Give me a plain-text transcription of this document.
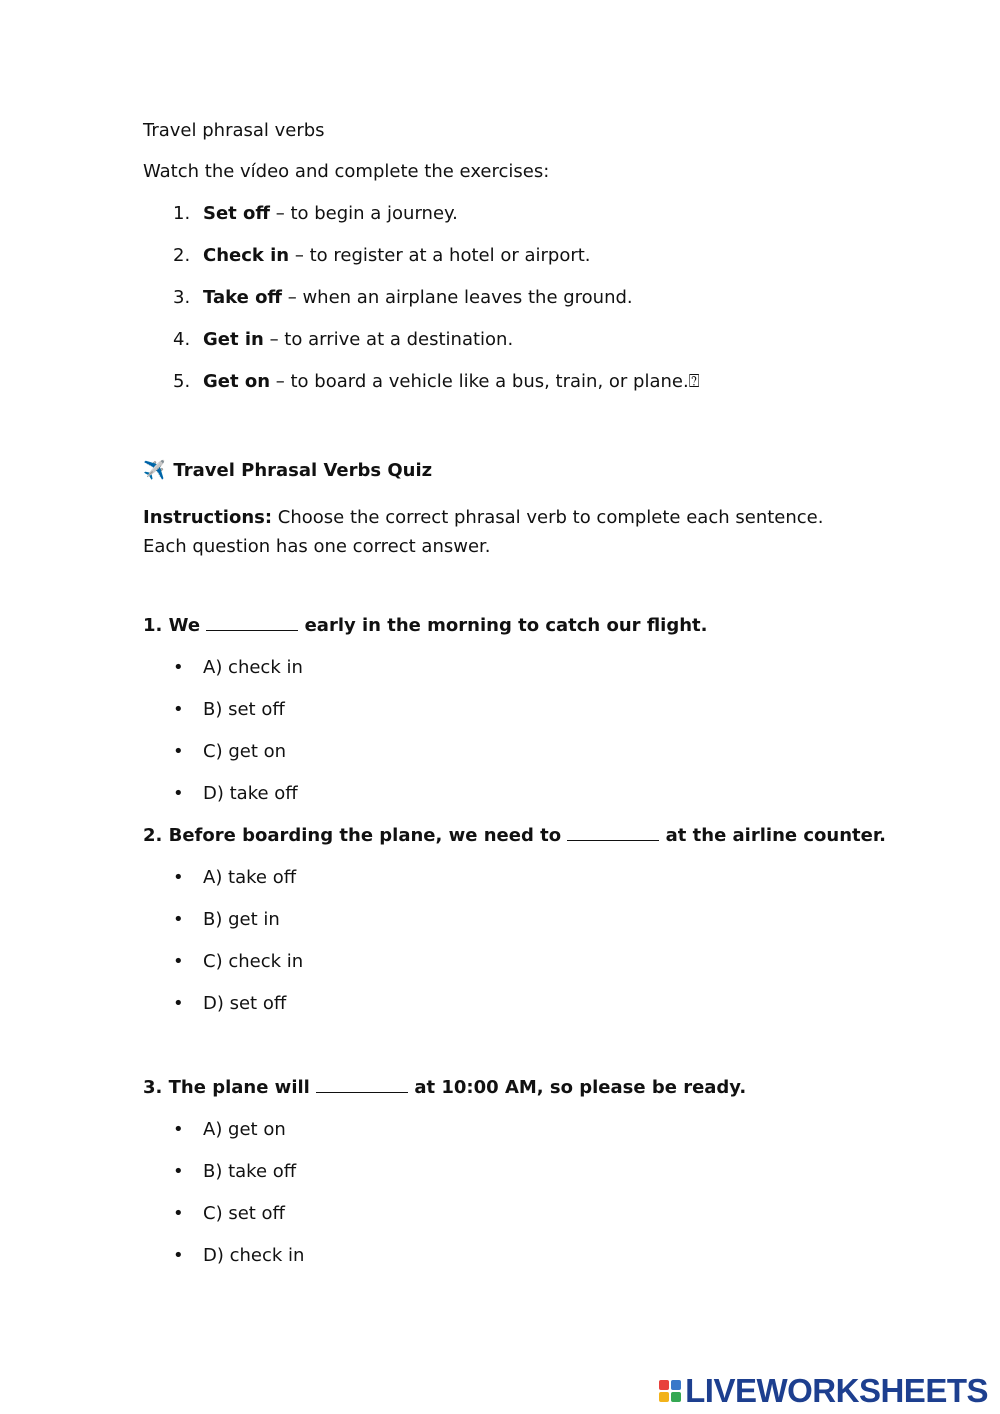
Travel phrasal verbs
Watch the vídeo and complete the exercises:
1. Set off – to begin a journey.
2. Check in – to register at a hotel or airport.
3. Take off – when an airplane leaves the ground.
4. Get in – to arrive at a destination.
5. Get on – to board a vehicle like a bus, train, or plane.⍰
✈️ Travel Phrasal Verbs Quiz
Instructions: Choose the correct phrasal verb to complete each sentence. Each question has one correct answer.
1. We	early in the morning to catch our flight.
• A) check in
• B) set off
• C) get on
• D) take off
2. Before boarding the plane, we need to	at the airline counter.
• A) take off
• B) get in
• C) check in
• D) set off
3. The plane will	at 10:00 AM, so please be ready.
• A) get on
• B) take off
• C) set off
• D) check in
LIVEWORKSHEETS
